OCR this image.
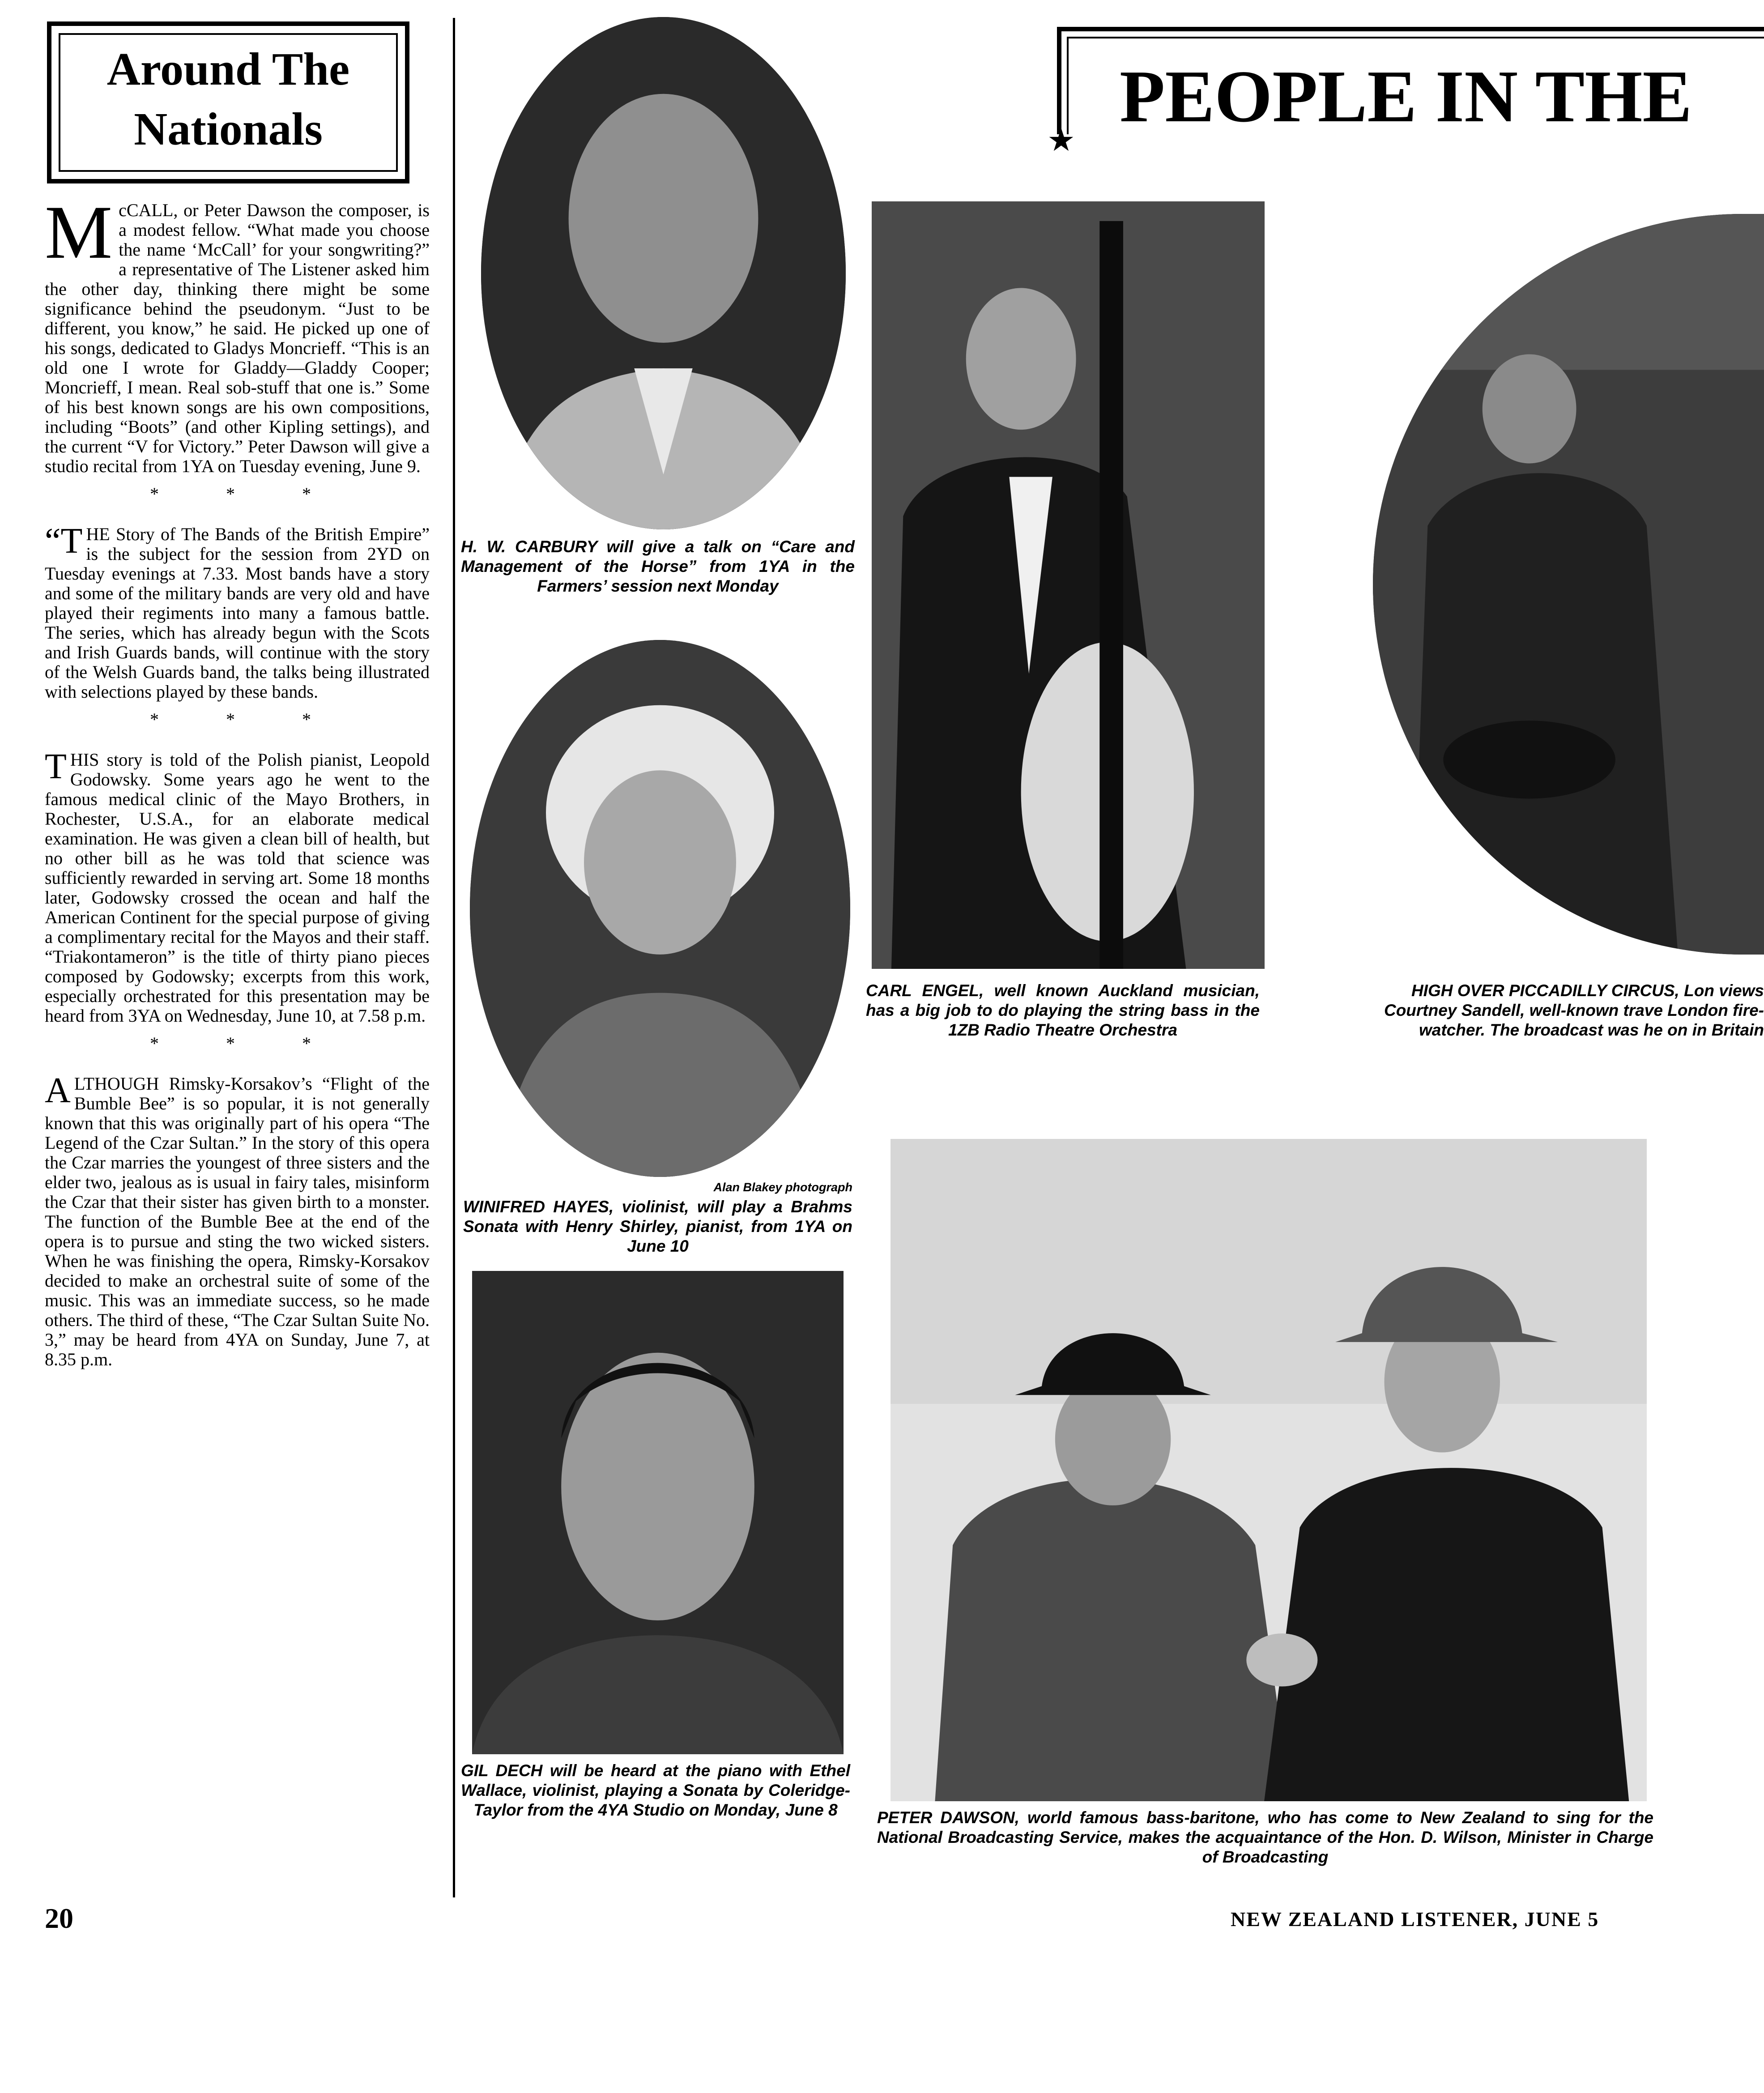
Around The
Nationals

M cCALL, or Peter Dawson the composer, is a modest fellow. “What made you choose the name ‘McCall’ for your songwriting?” a representative of The Listener asked him the other day, thinking there might be some significance behind the pseudonym. “Just to be different, you know,” he said. He picked up one of his songs, dedicated to Gladys Moncrieff. “This is an old one I wrote for Gladdy—Gladdy Cooper; Moncrieff, I mean. Real sob-stuff that one is.” Some of his best known songs are his own compositions, including “Boots” (and other Kipling settings), and the current “V for Victory.” Peter Dawson will give a studio recital from 1YA on Tuesday evening, June 9.

* * *

“T HE Story of The Bands of the British Empire” is the subject for the session from 2YD on Tuesday evenings at 7.33. Most bands have a story and some of the military bands are very old and have played their regiments into many a famous battle. The series, which has already begun with the Scots and Irish Guards bands, will continue with the story of the Welsh Guards band, the talks being illustrated with selections played by these bands.

* * *

T HIS story is told of the Polish pianist, Leopold Godowsky. Some years ago he went to the famous medical clinic of the Mayo Brothers, in Rochester, U.S.A., for an elaborate medical examination. He was given a clean bill of health, but no other bill as he was told that science was sufficiently rewarded in serving art. Some 18 months later, Godowsky crossed the ocean and half the American Continent for the special purpose of giving a complimentary recital for the Mayos and their staff. “Triakontameron” is the title of thirty piano pieces composed by Godowsky; excerpts from this work, especially orchestrated for this presentation may be heard from 3YA on Wednesday, June 10, at 7.58 p.m.

* * *

A LTHOUGH Rimsky-Korsakov’s “Flight of the Bumble Bee” is so popular, it is not generally known that this was originally part of his opera “The Legend of the Czar Sultan.” In the story of this opera the Czar marries the youngest of three sisters and the elder two, jealous as is usual in fairy tales, misinform the Czar that their sister has given birth to a monster. The function of the Bumble Bee at the end of the opera is to pursue and sting the two wicked sisters. When he was finishing the opera, Rimsky-Korsakov decided to make an orchestral suite of some of the music. This was an immediate success, so he made others. The third of these, “The Czar Sultan Suite No. 3,” may be heard from 4YA on Sunday, June 7, at 8.35 p.m.

PEOPLE IN THE
★
H. W. CARBURY will give a talk on “Care and Management of the Horse” from 1YA in the Farmers’ session next Monday
Alan Blakey photograph
WINIFRED HAYES, violinist, will play a Brahms Sonata with Henry Shirley, pianist, from 1YA on June 10
GIL DECH will be heard at the piano with Ethel Wallace, violinist, playing a Sonata by Coleridge-Taylor from the 4YA Studio on Monday, June 8
CARL ENGEL, well known Auckland musician, has a big job to do playing the string bass in the 1ZB Radio Theatre Orchestra
HIGH OVER PICCADILLY CIRCUS, Lon views Courtney Sandell, well-known trave London fire-watcher. The broadcast was he on in Britain
PETER DAWSON, world famous bass-baritone, who has come to New Zealand to sing for the National Broadcasting Service, makes the acquaintance of the Hon. D. Wilson, Minister in Charge of Broadcasting
20	NEW ZEALAND LISTENER, JUNE 5
